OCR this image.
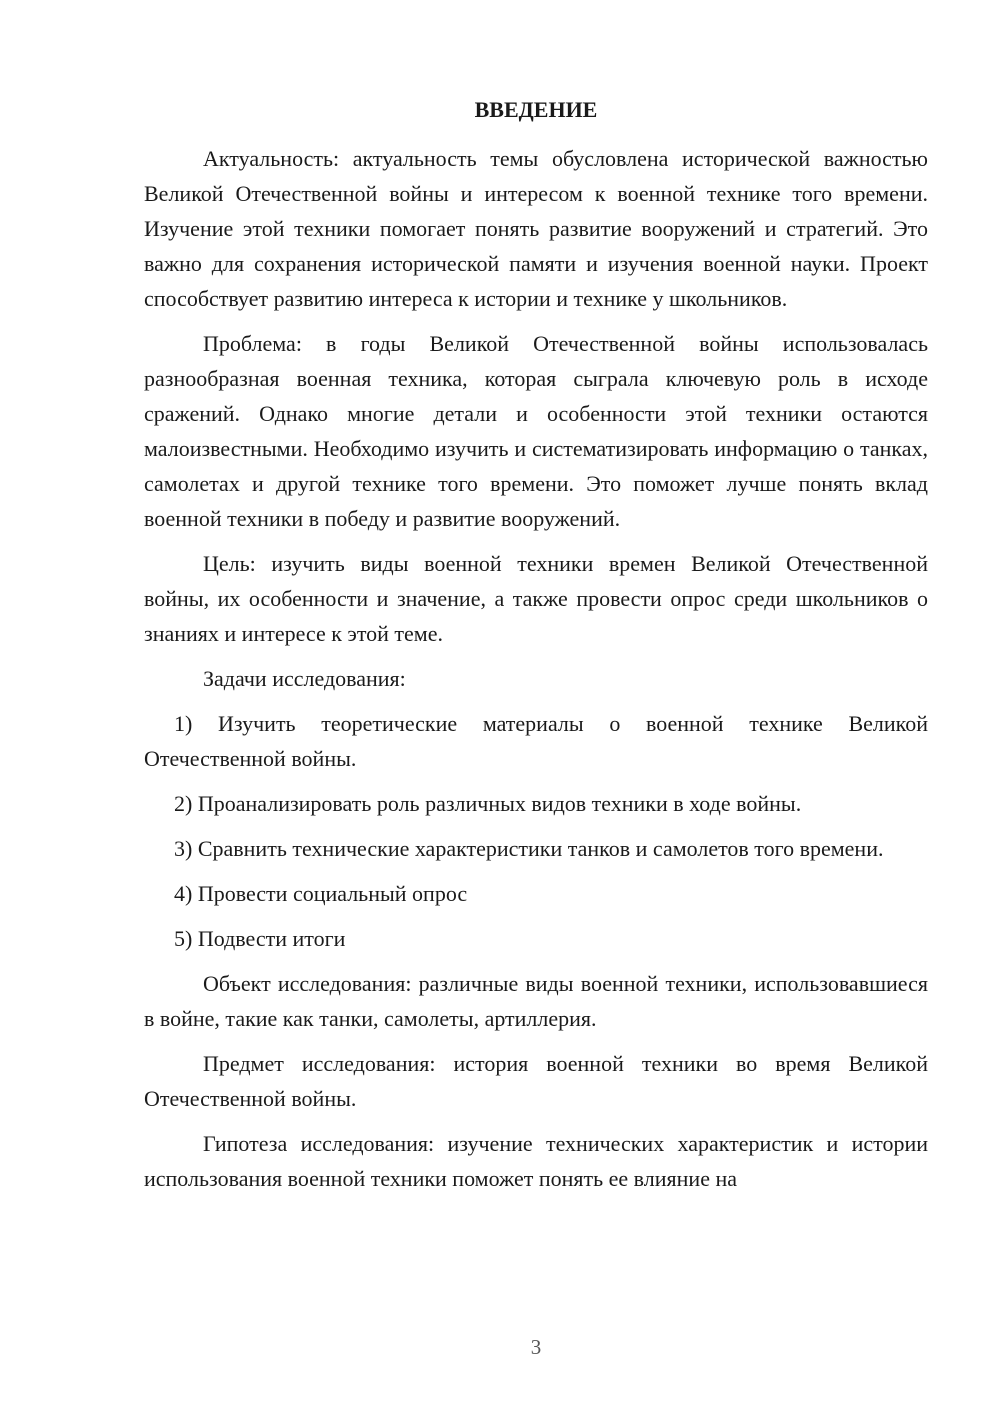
ВВЕДЕНИЕ

Актуальность: актуальность темы обусловлена исторической важностью Великой Отечественной войны и интересом к военной технике того времени. Изучение этой техники помогает понять развитие вооружений и стратегий. Это важно для сохранения исторической памяти и изучения военной науки. Проект способствует развитию интереса к истории и технике у школьников.

Проблема: в годы Великой Отечественной войны использовалась разнообразная военная техника, которая сыграла ключевую роль в исходе сражений. Однако многие детали и особенности этой техники остаются малоизвестными. Необходимо изучить и систематизировать информацию о танках, самолетах и другой технике того времени. Это поможет лучше понять вклад военной техники в победу и развитие вооружений.

Цель: изучить виды военной техники времен Великой Отечественной войны, их особенности и значение, а также провести опрос среди школьников о знаниях и интересе к этой теме.

Задачи исследования:

1) Изучить теоретические материалы о военной технике Великой Отечественной войны.

2) Проанализировать роль различных видов техники в ходе войны.

3) Сравнить технические характеристики танков и самолетов того времени.

4) Провести социальный опрос

5) Подвести итоги

Объект исследования: различные виды военной техники, использовавшиеся в войне, такие как танки, самолеты, артиллерия.

Предмет исследования: история военной техники во время Великой Отечественной войны.

Гипотеза исследования: изучение технических характеристик и истории использования военной техники поможет понять ее влияние на

3
